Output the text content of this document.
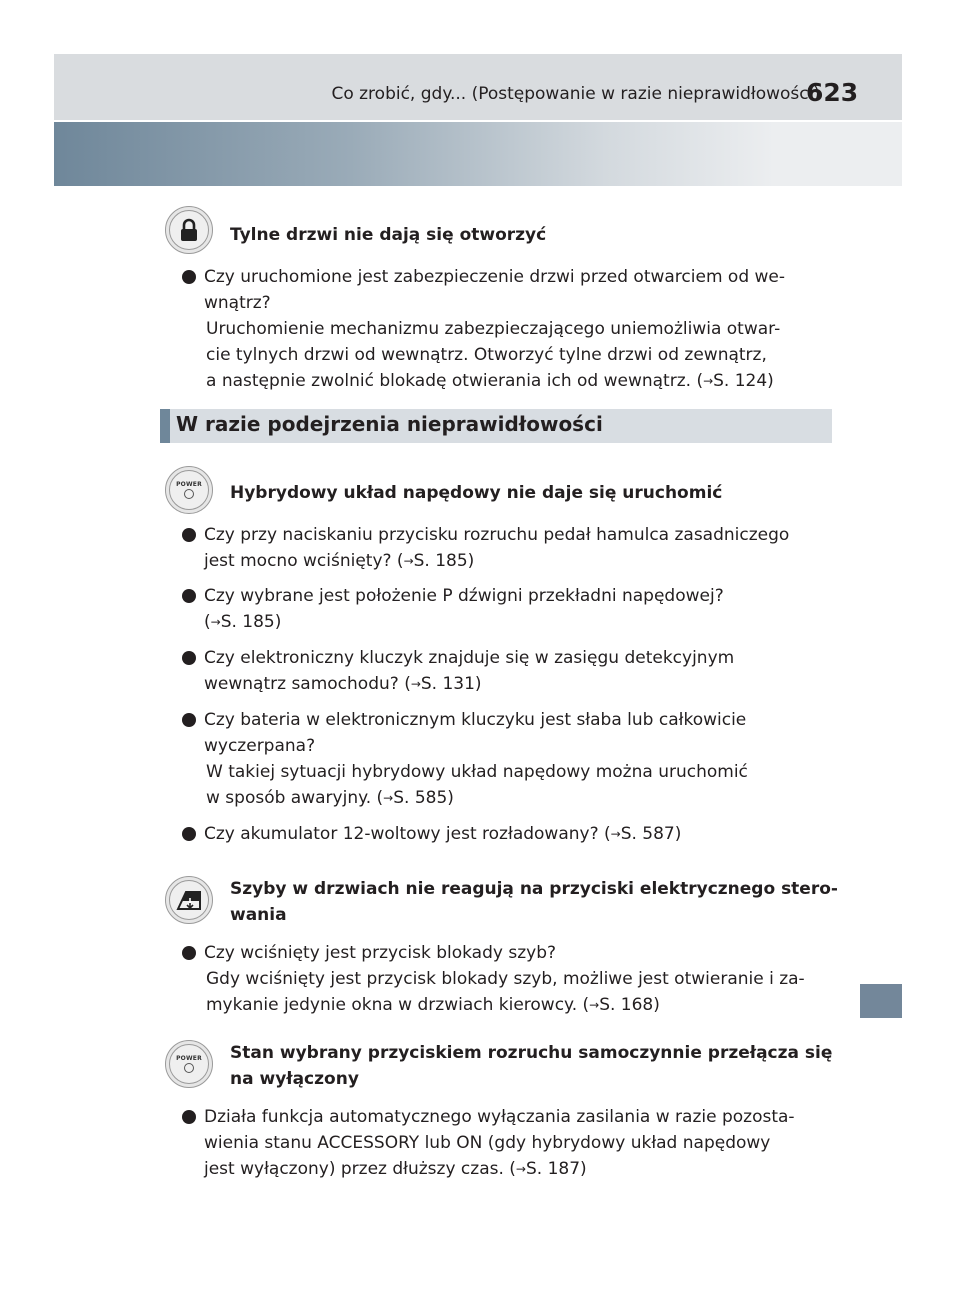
Co zrobić, gdy... (Postępowanie w razie nieprawidłowości)
623
Tylne drzwi nie dają się otworzyć
Czy uruchomione jest zabezpieczenie drzwi przed otwarciem od we-
wnątrz?
Uruchomienie mechanizmu zabezpieczającego uniemożliwia otwar-
cie tylnych drzwi od wewnątrz. Otworzyć tylne drzwi od zewnątrz,
a następnie zwolnić blokadę otwierania ich od wewnątrz. (→S. 124)
W razie podejrzenia nieprawidłowości
POWER Hybrydowy układ napędowy nie daje się uruchomić
Czy przy naciskaniu przycisku rozruchu pedał hamulca zasadniczego
jest mocno wciśnięty? (→S. 185)
Czy wybrane jest położenie P dźwigni przekładni napędowej?
(→S. 185)
Czy elektroniczny kluczyk znajduje się w zasięgu detekcyjnym
wewnątrz samochodu? (→S. 131)
Czy bateria w elektronicznym kluczyku jest słaba lub całkowicie
wyczerpana?
W takiej sytuacji hybrydowy układ napędowy można uruchomić
w sposób awaryjny. (→S. 585)
Czy akumulator 12-woltowy jest rozładowany? (→S. 587)
Szyby w drzwiach nie reagują na przyciski elektrycznego stero-
wania
Czy wciśnięty jest przycisk blokady szyb?
Gdy wciśnięty jest przycisk blokady szyb, możliwe jest otwieranie i za-
mykanie jedynie okna w drzwiach kierowcy. (→S. 168)
POWER Stan wybrany przyciskiem rozruchu samoczynnie przełącza się
na wyłączony
Działa funkcja automatycznego wyłączania zasilania w razie pozosta-
wienia stanu ACCESSORY lub ON (gdy hybrydowy układ napędowy
jest wyłączony) przez dłuższy czas. (→S. 187)
